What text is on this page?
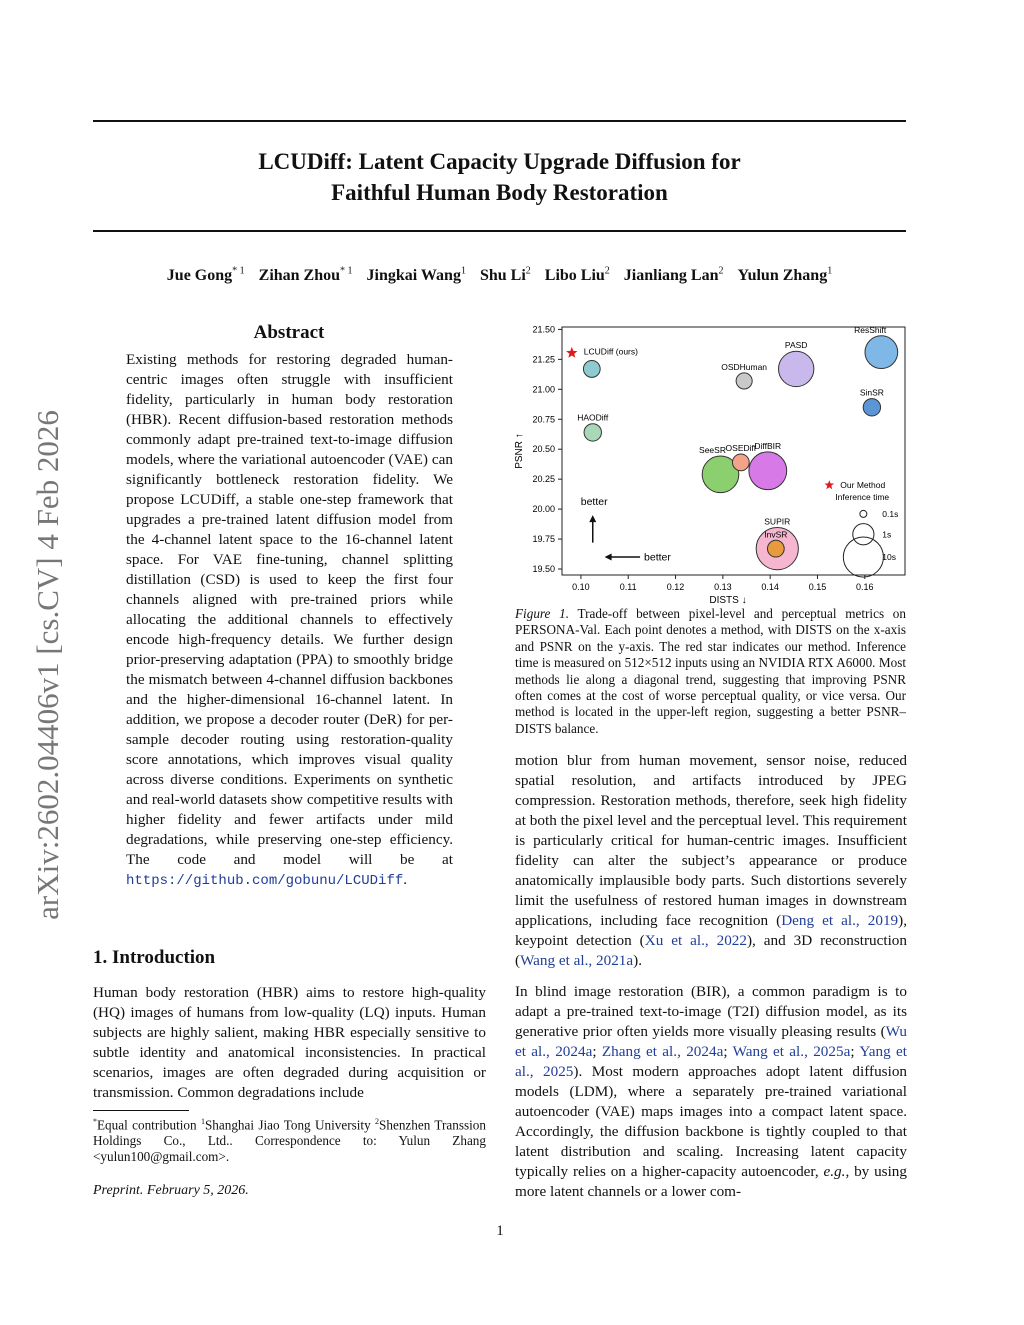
LCUDiff: Latent Capacity Upgrade Diffusion for
Faithful Human Body Restoration
Jue Gong$^{* 1}$ Zihan Zhou$^{* 1}$ Jingkai Wang$^1$ Shu Li$^2$ Libo Liu$^2$ Jianliang Lan$^2$ Yulun Zhang$^1$
arXiv:2602.04406v1 [cs.CV] 4 Feb 2026
Abstract
Existing methods for restoring degraded human-centric images often struggle with insufficient fidelity, particularly in human body restoration (HBR). Recent diffusion-based restoration methods commonly adapt pre-trained text-to-image diffusion models, where the variational autoencoder (VAE) can significantly bottleneck restoration fidelity. We propose LCUDiff, a stable one-step framework that upgrades a pre-trained latent diffusion model from the 4-channel latent space to the 16-channel latent space. For VAE fine-tuning, channel splitting distillation (CSD) is used to keep the first four channels aligned with pre-trained priors while allocating the additional channels to effectively encode high-frequency details. We further design prior-preserving adaptation (PPA) to smoothly bridge the mismatch between 4-channel diffusion backbones and the higher-dimensional 16-channel latent. In addition, we propose a decoder router (DeR) for per-sample decoder routing using restoration-quality score annotations, which improves visual quality across diverse conditions. Experiments on synthetic and real-world datasets show competitive results with higher fidelity and fewer artifacts under mild degradations, while preserving one-step efficiency. The code and model will be at https://github.com/gobunu/LCUDiff.
1. Introduction
Human body restoration (HBR) aims to restore high-quality (HQ) images of humans from low-quality (LQ) inputs. Human subjects are highly salient, making HBR especially sensitive to subtle identity and anatomical inconsistencies. In practical scenarios, images are often degraded during acquisition or transmission. Common degradations include
*Equal contribution $^1$Shanghai Jiao Tong University $^2$Shenzhen Transsion Holdings Co., Ltd.. Correspondence to: Yulun Zhang <yulun100@gmail.com>.
Preprint. February 5, 2026.
0.10	0.11	0.12	0.13	0.14	0.15	0.16
19.50
19.75
20.00
20.25
20.50
20.75
21.00
21.25
21.50
LCUDiff (ours)
HAODiff
OSDHuman
PASD
ResShift
SinSR
SeeSR OSEDiff
DiffBIR
SUPIR
InvSR
better
better
Our Method
Inference time
0.1s
1s
10s
DISTS ↓
PSNR ↑
Figure 1. Trade-off between pixel-level and perceptual metrics on PERSONA-Val. Each point denotes a method, with DISTS on the x-axis and PSNR on the y-axis. The red star indicates our method. Inference time is measured on 512×512 inputs using an NVIDIA RTX A6000. Most methods lie along a diagonal trend, suggesting that improving PSNR often comes at the cost of worse perceptual quality, or vice versa. Our method is located in the upper-left region, suggesting a better PSNR–DISTS balance.
motion blur from human movement, sensor noise, reduced spatial resolution, and artifacts introduced by JPEG compression. Restoration methods, therefore, seek high fidelity at both the pixel level and the perceptual level. This requirement is particularly critical for human-centric images. Insufficient fidelity can alter the subject’s appearance or produce anatomically implausible body parts. Such distortions severely limit the usefulness of restored human images in downstream applications, including face recognition (Deng et al., 2019), keypoint detection (Xu et al., 2022), and 3D reconstruction (Wang et al., 2021a).
In blind image restoration (BIR), a common paradigm is to adapt a pre-trained text-to-image (T2I) diffusion model, as its generative prior often yields more visually pleasing results (Wu et al., 2024a; Zhang et al., 2024a; Wang et al., 2025a; Yang et al., 2025). Most modern approaches adopt latent diffusion models (LDM), where a separately pre-trained variational autoencoder (VAE) maps images into a compact latent space. Accordingly, the diffusion backbone is tightly coupled to that latent distribution and scaling. Increasing latent capacity typically relies on a higher-capacity autoencoder, e.g., by using more latent channels or a lower com-
1
